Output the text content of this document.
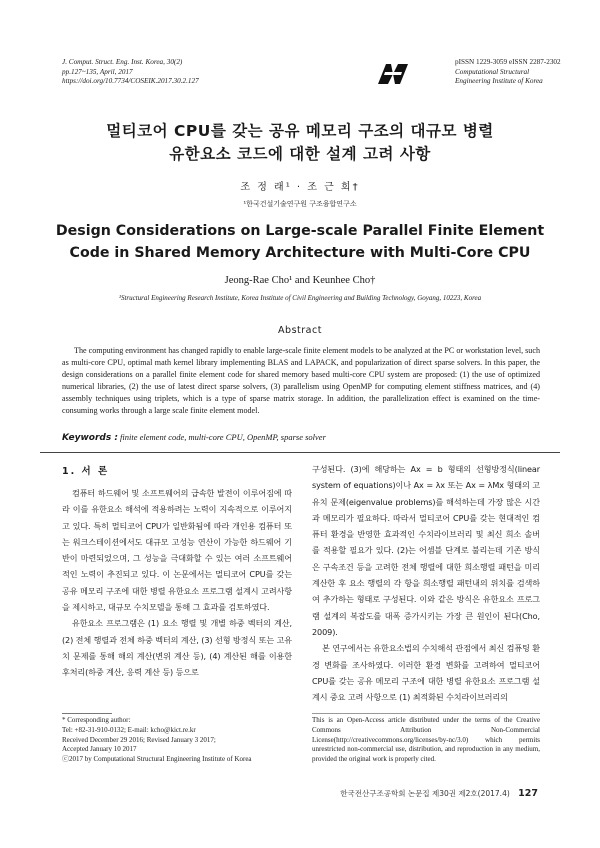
J. Comput. Struct. Eng. Inst. Korea, 30(2)
pp.127~135, April, 2017
https://doi.org/10.7734/COSEIK.2017.30.2.127
pISSN 1229-3059 eISSN 2287-2302
Computational Structural
Engineering Institute of Korea
멀티코어 CPU를 갖는 공유 메모리 구조의 대규모 병렬
유한요소 코드에 대한 설계 고려 사항
조 정 래¹ · 조 근 희†
¹한국건설기술연구원 구조융합연구소
Design Considerations on Large-scale Parallel Finite Element
Code in Shared Memory Architecture with Multi-Core CPU
Jeong-Rae Cho¹ and Keunhee Cho†
¹Structural Engineering Research Institute, Korea Institute of Civil Engineering and Building Technology, Goyang, 10223, Korea
Abstract
The computing environment has changed rapidly to enable large-scale finite element models to be analyzed at the PC or workstation level, such as multi-core CPU, optimal math kernel library implementing BLAS and LAPACK, and popularization of direct sparse solvers. In this paper, the design considerations on a parallel finite element code for shared memory based multi-core CPU system are proposed: (1) the use of optimized numerical libraries, (2) the use of latest direct sparse solvers, (3) parallelism using OpenMP for computing element stiffness matrices, and (4) assembly techniques using triplets, which is a type of sparse matrix storage. In addition, the parallelization effect is examined on the time-consuming works through a large scale finite element model.
Keywords : finite element code, multi-core CPU, OpenMP, sparse solver
1. 서 론

컴퓨터 하드웨어 및 소프트웨어의 급속한 발전이 이루어짐에 따라 이를 유한요소 해석에 적용하려는 노력이 지속적으로 이루어지고 있다. 특히 멀티코어 CPU가 일반화됨에 따라 개인용 컴퓨터 또는 워크스테이션에서도 대규모 고성능 연산이 가능한 하드웨어 기반이 마련되었으며, 그 성능을 극대화할 수 있는 여러 소프트웨어적인 노력이 추진되고 있다. 이 논문에서는 멀티코어 CPU를 갖는 공유 메모리 구조에 대한 병렬 유한요소 프로그램 설계시 고려사항을 제시하고, 대규모 수치모델을 통해 그 효과를 검토하였다.

유한요소 프로그램은 (1) 요소 행렬 및 개별 하중 벡터의 계산, (2) 전체 행렬과 전체 하중 벡터의 계산, (3) 선형 방정식 또는 고유치 문제를 통해 해의 계산(변위 계산 등), (4) 계산된 해를 이용한 후처리(하중 계산, 응력 계산 등) 등으로

구성된다. (3)에 해당하는 Ax = b 형태의 선형방정식(linear system of equations)이나 Ax = λx 또는 Ax = λMx 형태의 고유치 문제(eigenvalue problems)를 해석하는데 가장 많은 시간과 메모리가 필요하다. 따라서 멀티코어 CPU를 갖는 현대적인 컴퓨터 환경을 반영한 효과적인 수치라이브러리 및 최신 희소 솔버를 적용할 필요가 있다. (2)는 어셈블 단계로 불리는데 기존 방식은 구속조건 등을 고려한 전체 행렬에 대한 희소행렬 패턴을 미리 계산한 후 요소 행렬의 각 항을 희소행렬 패턴내의 위치를 검색하여 추가하는 형태로 구성된다. 이와 같은 방식은 유한요소 프로그램 설계의 복잡도를 대폭 증가시키는 가장 큰 원인이 된다(Cho, 2009).

본 연구에서는 유한요소법의 수치해석 관점에서 최신 컴퓨팅 환경 변화를 조사하였다. 이러한 환경 변화를 고려하여 멀티코어 CPU를 갖는 공유 메모리 구조에 대한 병렬 유한요소 프로그램 설계시 중요 고려 사항으로 (1) 최적화된 수치라이브러리의

* Corresponding author:
Tel: +82-31-910-0132; E-mail: kcho@kict.re.kr
Received December 29 2016; Revised January 3 2017;
Accepted January 10 2017
ⓒ2017 by Computational Structural Engineering Institute of Korea
This is an Open-Access article distributed under the terms of the Creative Commons Attribution Non-Commercial License(http://creativecommons.org/licenses/by-nc/3.0) which permits unrestricted non-commercial use, distribution, and reproduction in any medium, provided the original work is properly cited.
한국전산구조공학회 논문집 제30권 제2호(2017.4) 127
